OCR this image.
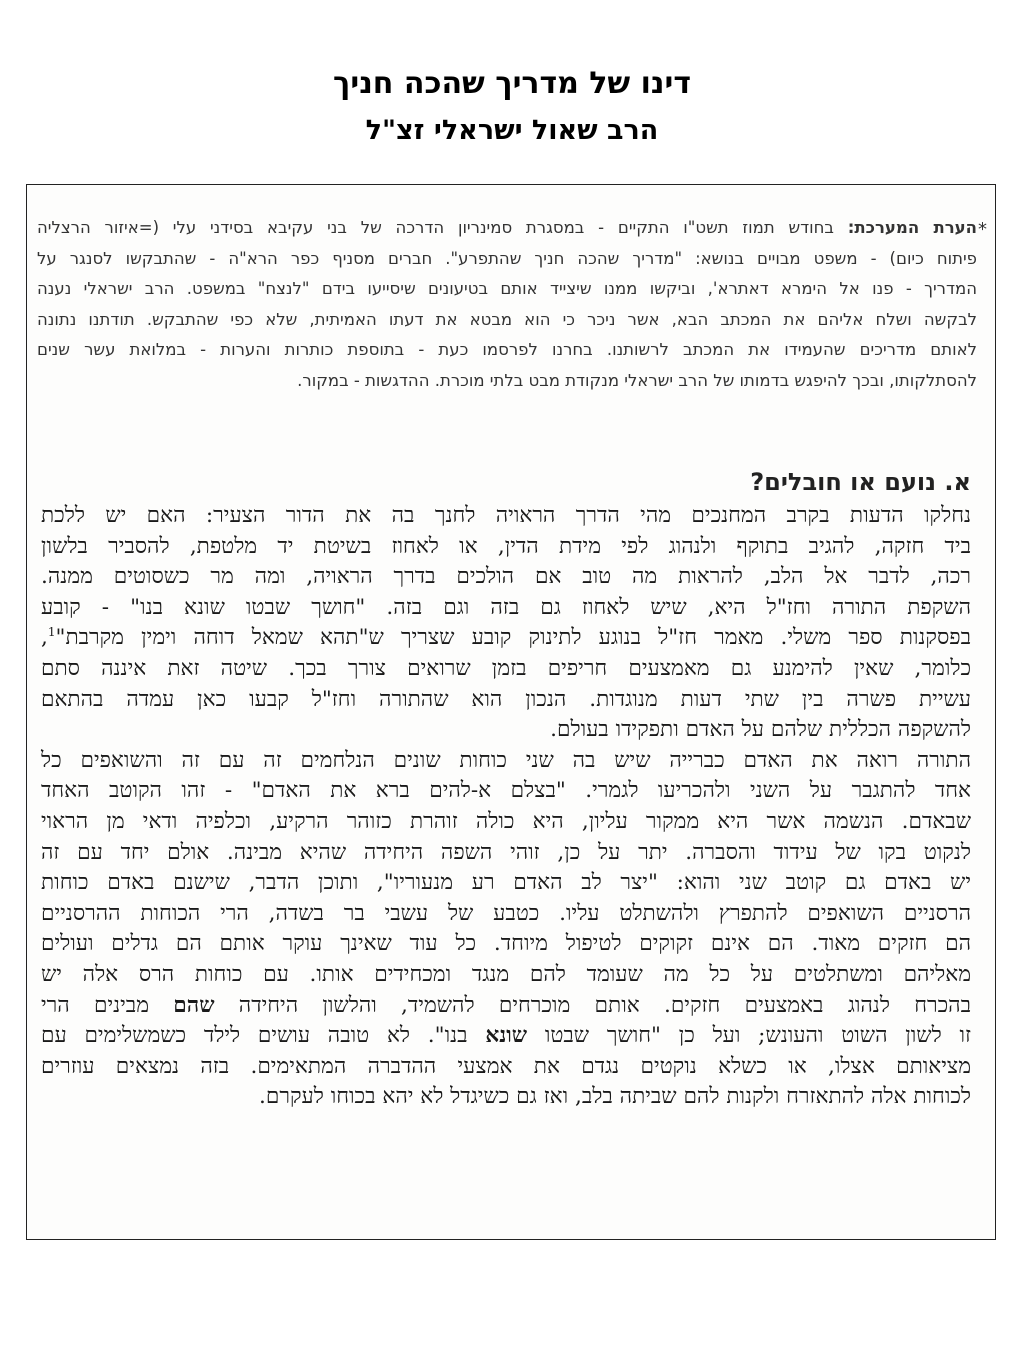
דינו של מדריך שהכה חניך
הרב שאול ישראלי זצ"ל
*
הערת המערכת: בחודש תמוז תשט"ו התקיים - במסגרת סמינריון הדרכה של בני עקיבא בסידני עלי (=איזור הרצליה
פיתוח כיום) - משפט מבויים בנושא: "מדריך שהכה חניך שהתפרע". חברים מסניף כפר הרא"ה - שהתבקשו לסנגר על
המדריך - פנו אל הימרא דאתרא', וביקשו ממנו שיצייד אותם בטיעונים שיסייעו בידם "לנצח" במשפט. הרב ישראלי נענה
לבקשה ושלח אליהם את המכתב הבא, אשר ניכר כי הוא מבטא את דעתו האמיתית, שלא כפי שהתבקש. תודתנו נתונה
לאותם מדריכים שהעמידו את המכתב לרשותנו. בחרנו לפרסמו כעת - בתוספת כותרות והערות - במלואת עשר שנים
להסתלקותו, ובכך להיפגש בדמותו של הרב ישראלי מנקודת מבט בלתי מוכרת. ההדגשות - במקור.
א. נועם או חובלים?
נחלקו הדעות בקרב המחנכים מהי הדרך הראויה לחנך בה את הדור הצעיר: האם יש ללכת
ביד חזקה, להגיב בתוקף ולנהוג לפי מידת הדין, או לאחוז בשיטת יד מלטפת, להסביר בלשון
רכה, לדבר אל הלב, להראות מה טוב אם הולכים בדרך הראויה, ומה מר כשסוטים ממנה.
השקפת התורה וחז"ל היא, שיש לאחוז גם בזה וגם בזה. "חושך שבטו שונא בנו" - קובע
בפסקנות ספר משלי. מאמר חז"ל בנוגע לתינוק קובע שצריך ש"תהא שמאל דוחה וימין מקרבת"$^1$,
כלומר, שאין להימנע גם מאמצעים חריפים בזמן שרואים צורך בכך. שיטה זאת איננה סתם
עשיית פשרה בין שתי דעות מנוגדות. הנכון הוא שהתורה וחז"ל קבעו כאן עמדה בהתאם
להשקפה הכללית שלהם על האדם ותפקידו בעולם.
התורה רואה את האדם כברייה שיש בה שני כוחות שונים הנלחמים זה עם זה והשואפים כל
אחד להתגבר על השני ולהכריעו לגמרי. "בצלם א-להים ברא את האדם" - זהו הקוטב האחד
שבאדם. הנשמה אשר היא ממקור עליון, היא כולה זוהרת כזוהר הרקיע, וכלפיה ודאי מן הראוי
לנקוט בקו של עידוד והסברה. יתר על כן, זוהי השפה היחידה שהיא מבינה. אולם יחד עם זה
יש באדם גם קוטב שני והוא: "יצר לב האדם רע מנעוריו", ותוכן הדבר, שישנם באדם כוחות
הרסניים השואפים להתפרץ ולהשתלט עליו. כטבע של עשבי בר בשדה, הרי הכוחות ההרסניים
הם חזקים מאוד. הם אינם זקוקים לטיפול מיוחד. כל עוד שאינך עוקר אותם הם גדלים ועולים
מאליהם ומשתלטים על כל מה שעומד להם מנגד ומכחידים אותו. עם כוחות הרס אלה יש
בהכרח לנהוג באמצעים חזקים. אותם מוכרחים להשמיד, והלשון היחידה שהם מבינים הרי
זו לשון השוט והעונש; ועל כן "חושך שבטו שונא בנו". לא טובה עושים לילד כשמשלימים עם
מציאותם אצלו, או כשלא נוקטים נגדם את אמצעי ההדברה המתאימים. בזה נמצאים עוזרים
לכוחות אלה להתאזרח ולקנות להם שביתה בלב, ואז גם כשיגדל לא יהא בכוחו לעקרם.
